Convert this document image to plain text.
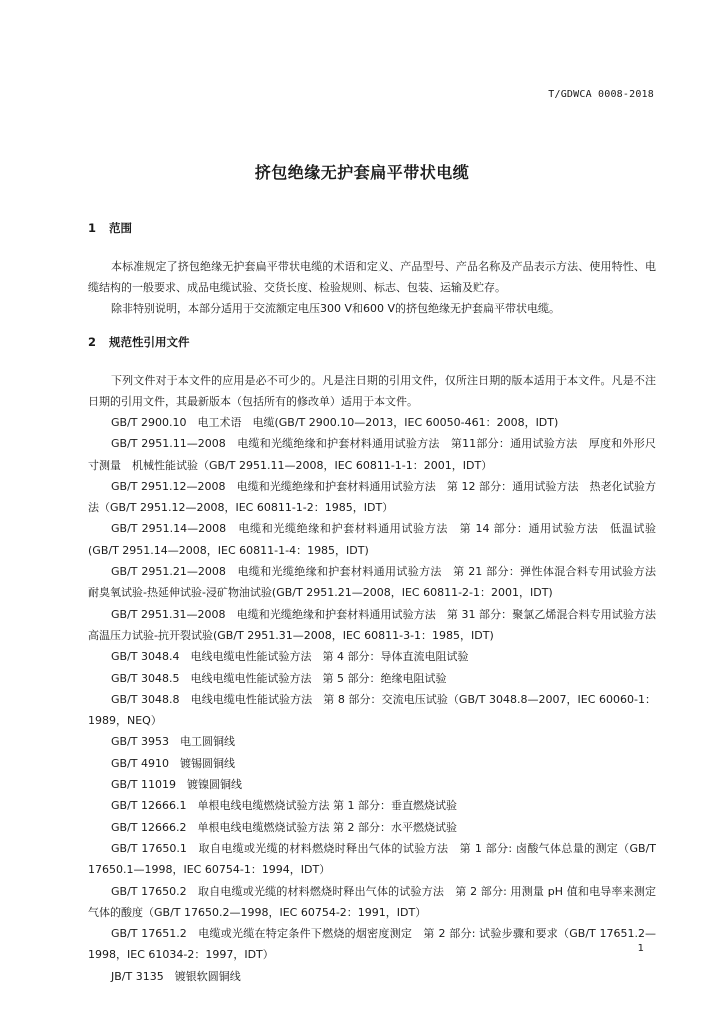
T/GDWCA 0008-2018
挤包绝缘无护套扁平带状电缆
1 范围

本标准规定了挤包绝缘无护套扁平带状电缆的术语和定义、产品型号、产品名称及产品表示方法、使用特性、电缆结构的一般要求、成品电缆试验、交货长度、检验规则、标志、包装、运输及贮存。

除非特别说明，本部分适用于交流额定电压300 V和600 V的挤包绝缘无护套扁平带状电缆。

2 规范性引用文件

下列文件对于本文件的应用是必不可少的。凡是注日期的引用文件，仅所注日期的版本适用于本文件。凡是不注日期的引用文件，其最新版本（包括所有的修改单）适用于本文件。

GB/T 2900.10　电工术语　电缆(GB/T 2900.10—2013，IEC 60050-461：2008，IDT)
GB/T 2951.11—2008　电缆和光缆绝缘和护套材料通用试验方法　第11部分：通用试验方法　厚度和外形尺寸测量　机械性能试验（GB/T 2951.11—2008，IEC 60811-1-1：2001，IDT）
GB/T 2951.12—2008　电缆和光缆绝缘和护套材料通用试验方法　第 12 部分：通用试验方法　热老化试验方法（GB/T 2951.12—2008，IEC 60811-1-2：1985，IDT）
GB/T 2951.14—2008　电缆和光缆绝缘和护套材料通用试验方法　第 14 部分：通用试验方法　低温试验(GB/T 2951.14—2008，IEC 60811-1-4：1985，IDT)
GB/T 2951.21—2008　电缆和光缆绝缘和护套材料通用试验方法　第 21 部分：弹性体混合料专用试验方法　耐臭氧试验-热延伸试验-浸矿物油试验(GB/T 2951.21—2008，IEC 60811-2-1：2001，IDT)
GB/T 2951.31—2008　电缆和光缆绝缘和护套材料通用试验方法　第 31 部分：聚氯乙烯混合料专用试验方法　高温压力试验-抗开裂试验(GB/T 2951.31—2008，IEC 60811-3-1：1985，IDT)
GB/T 3048.4　电线电缆电性能试验方法　第 4 部分：导体直流电阻试验
GB/T 3048.5　电线电缆电性能试验方法　第 5 部分：绝缘电阻试验
GB/T 3048.8　电线电缆电性能试验方法　第 8 部分：交流电压试验（GB/T 3048.8—2007，IEC 60060-1：1989，NEQ）
GB/T 3953　电工圆铜线
GB/T 4910　镀锡圆铜线
GB/T 11019　镀镍圆铜线
GB/T 12666.1　单根电线电缆燃烧试验方法 第 1 部分：垂直燃烧试验
GB/T 12666.2　单根电线电缆燃烧试验方法 第 2 部分：水平燃烧试验
GB/T 17650.1　取自电缆或光缆的材料燃烧时释出气体的试验方法　第 1 部分: 卤酸气体总量的测定（GB/T 17650.1—1998，IEC 60754-1：1994，IDT）
GB/T 17650.2　取自电缆或光缆的材料燃烧时释出气体的试验方法　第 2 部分: 用测量 pH 值和电导率来测定气体的酸度（GB/T 17650.2—1998，IEC 60754-2：1991，IDT）
GB/T 17651.2　电缆或光缆在特定条件下燃烧的烟密度测定　第 2 部分: 试验步骤和要求（GB/T 17651.2—1998，IEC 61034-2：1997，IDT）
JB/T 3135　镀银软圆铜线
1
